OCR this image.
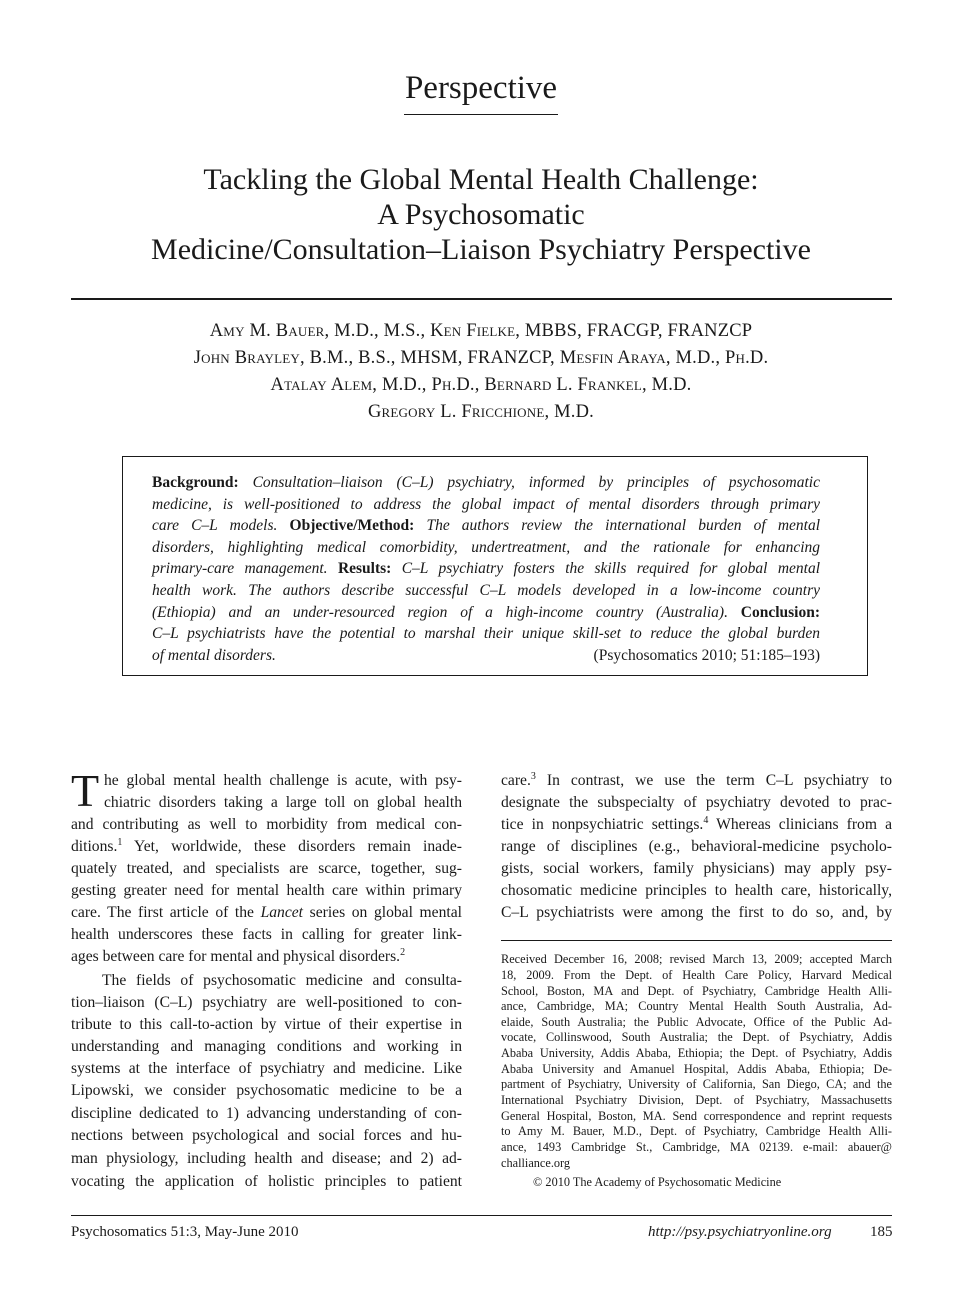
Perspective
Tackling the Global Mental Health Challenge:
A Psychosomatic
Medicine/Consultation–Liaison Psychiatry Perspective
Amy M. Bauer, M.D., M.S., Ken Fielke, MBBS, FRACGP, FRANZCP
John Brayley, B.M., B.S., MHSM, FRANZCP, Mesfin Araya, M.D., Ph.D.
Atalay Alem, M.D., Ph.D., Bernard L. Frankel, M.D.
Gregory L. Fricchione, M.D.
Background: Consultation–liaison (C–L) psychiatry, informed by principles of psychosomatic
medicine, is well-positioned to address the global impact of mental disorders through primary
care C–L models. Objective/Method: The authors review the international burden of mental
disorders, highlighting medical comorbidity, undertreatment, and the rationale for enhancing
primary-care management. Results: C–L psychiatry fosters the skills required for global mental
health work. The authors describe successful C–L models developed in a low-income country
(Ethiopia) and an under-resourced region of a high-income country (Australia). Conclusion:
C–L psychiatrists have the potential to marshal their unique skill-set to reduce the global burden
of mental disorders.	(Psychosomatics 2010; 51:185–193)
T he global mental health challenge is acute, with psy-
chiatric disorders taking a large toll on global health
and contributing as well to morbidity from medical con-
ditions.$^1$ Yet, worldwide, these disorders remain inade-
quately treated, and specialists are scarce, together, sug-
gesting greater need for mental health care within primary
care. The first article of the Lancet series on global mental
health underscores these facts in calling for greater link-
ages between care for mental and physical disorders.$^2$
The fields of psychosomatic medicine and consulta-
tion–liaison (C–L) psychiatry are well-positioned to con-
tribute to this call-to-action by virtue of their expertise in
understanding and managing conditions and working in
systems at the interface of psychiatry and medicine. Like
Lipowski, we consider psychosomatic medicine to be a
discipline dedicated to 1) advancing understanding of con-
nections between psychological and social forces and hu-
man physiology, including health and disease; and 2) ad-
vocating the application of holistic principles to patient
care.$^3$ In contrast, we use the term C–L psychiatry to
designate the subspecialty of psychiatry devoted to prac-
tice in nonpsychiatric settings.$^4$ Whereas clinicians from a
range of disciplines (e.g., behavioral-medicine psycholo-
gists, social workers, family physicians) may apply psy-
chosomatic medicine principles to health care, historically,
C–L psychiatrists were among the first to do so, and, by
Received December 16, 2008; revised March 13, 2009; accepted March
18, 2009. From the Dept. of Health Care Policy, Harvard Medical
School, Boston, MA and Dept. of Psychiatry, Cambridge Health Alli-
ance, Cambridge, MA; Country Mental Health South Australia, Ad-
elaide, South Australia; the Public Advocate, Office of the Public Ad-
vocate, Collinswood, South Australia; the Dept. of Psychiatry, Addis
Ababa University, Addis Ababa, Ethiopia; the Dept. of Psychiatry, Addis
Ababa University and Amanuel Hospital, Addis Ababa, Ethiopia; De-
partment of Psychiatry, University of California, San Diego, CA; and the
International Psychiatry Division, Dept. of Psychiatry, Massachusetts
General Hospital, Boston, MA. Send correspondence and reprint requests
to Amy M. Bauer, M.D., Dept. of Psychiatry, Cambridge Health Alli-
ance, 1493 Cambridge St., Cambridge, MA 02139. e-mail: abauer@
challiance.org
© 2010 The Academy of Psychosomatic Medicine
Psychosomatics 51:3, May-June 2010	http://psy.psychiatryonline.org	185
